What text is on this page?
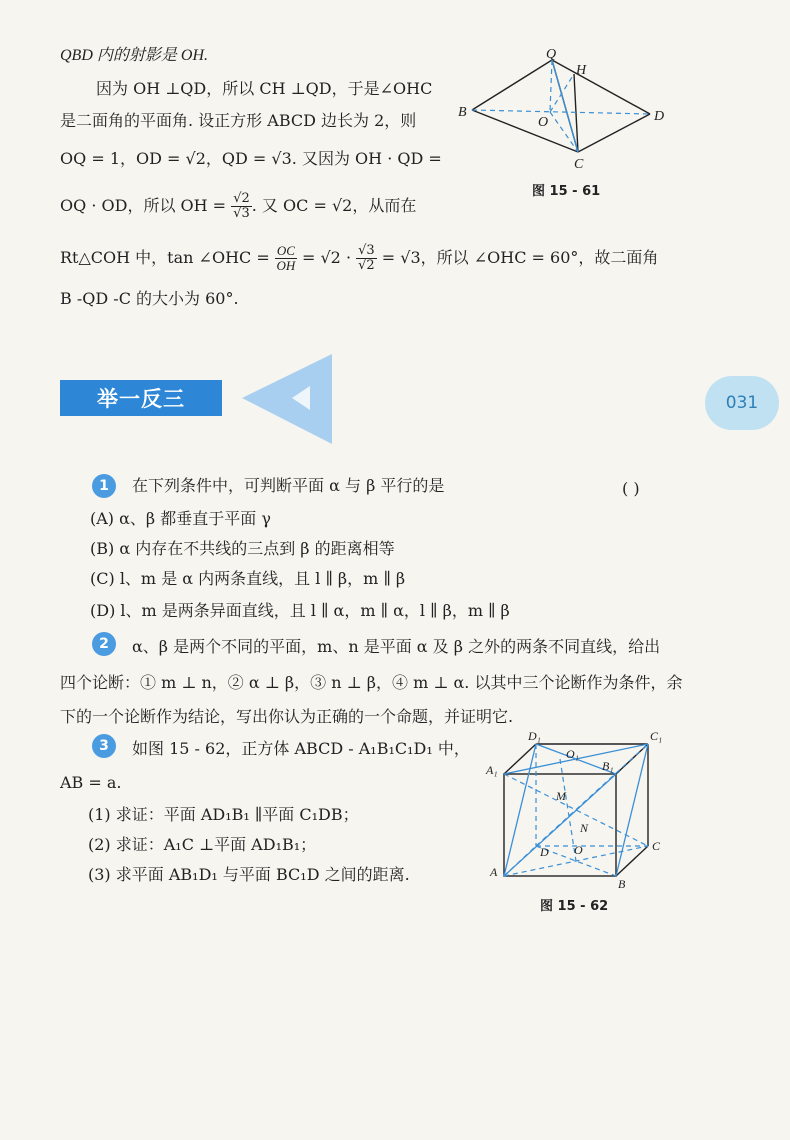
QBD 内的射影是 OH.
因为 OH ⊥QD，所以 CH ⊥QD，于是∠OHC
是二面角的平面角. 设正方形 ABCD 边长为 2，则
OQ = 1，OD = √2，QD = √3. 又因为 OH · QD =
OQ · OD，所以 OH = $\frac{√2}{√3}$ . 又 OC = √2，从而在
Rt△COH 中，tan ∠OHC = $\frac{OC}{OH} = √2 \cdot \frac{√3}{√2} = √3$，所以 ∠OHC = 60°，故二面角
B -QD -C 的大小为 60°.
Q
H
B
O	D
C
图 15 - 61
举一反三	031
1	在下列条件中，可判断平面 α 与 β 平行的是	( )
(A) α、β 都垂直于平面 γ
(B) α 内存在不共线的三点到 β 的距离相等
(C) l、m 是 α 内两条直线，且 l ∥ β，m ∥ β
(D) l、m 是两条异面直线，且 l ∥ α，m ∥ α，l ∥ β，m ∥ β
2	α、β 是两个不同的平面，m、n 是平面 α 及 β 之外的两条不同直线，给出
四个论断：① m ⊥ n，② α ⊥ β，③ n ⊥ β，④ m ⊥ α. 以其中三个论断作为条件，余
下的一个论断作为结论，写出你认为正确的一个命题，并证明它.
3	如图 15 - 62，正方体 ABCD - A₁B₁C₁D₁ 中，
AB = a.
(1) 求证：平面 AD₁B₁ ∥平面 C₁DB；
(2) 求证：A₁C ⊥平面 AD₁B₁；
(3) 求平面 AB₁D₁ 与平面 BC₁D 之间的距离.
D₁
O₁
C₁
A₁	B₁
M
N
D O	C
A
B
图 15 - 62
